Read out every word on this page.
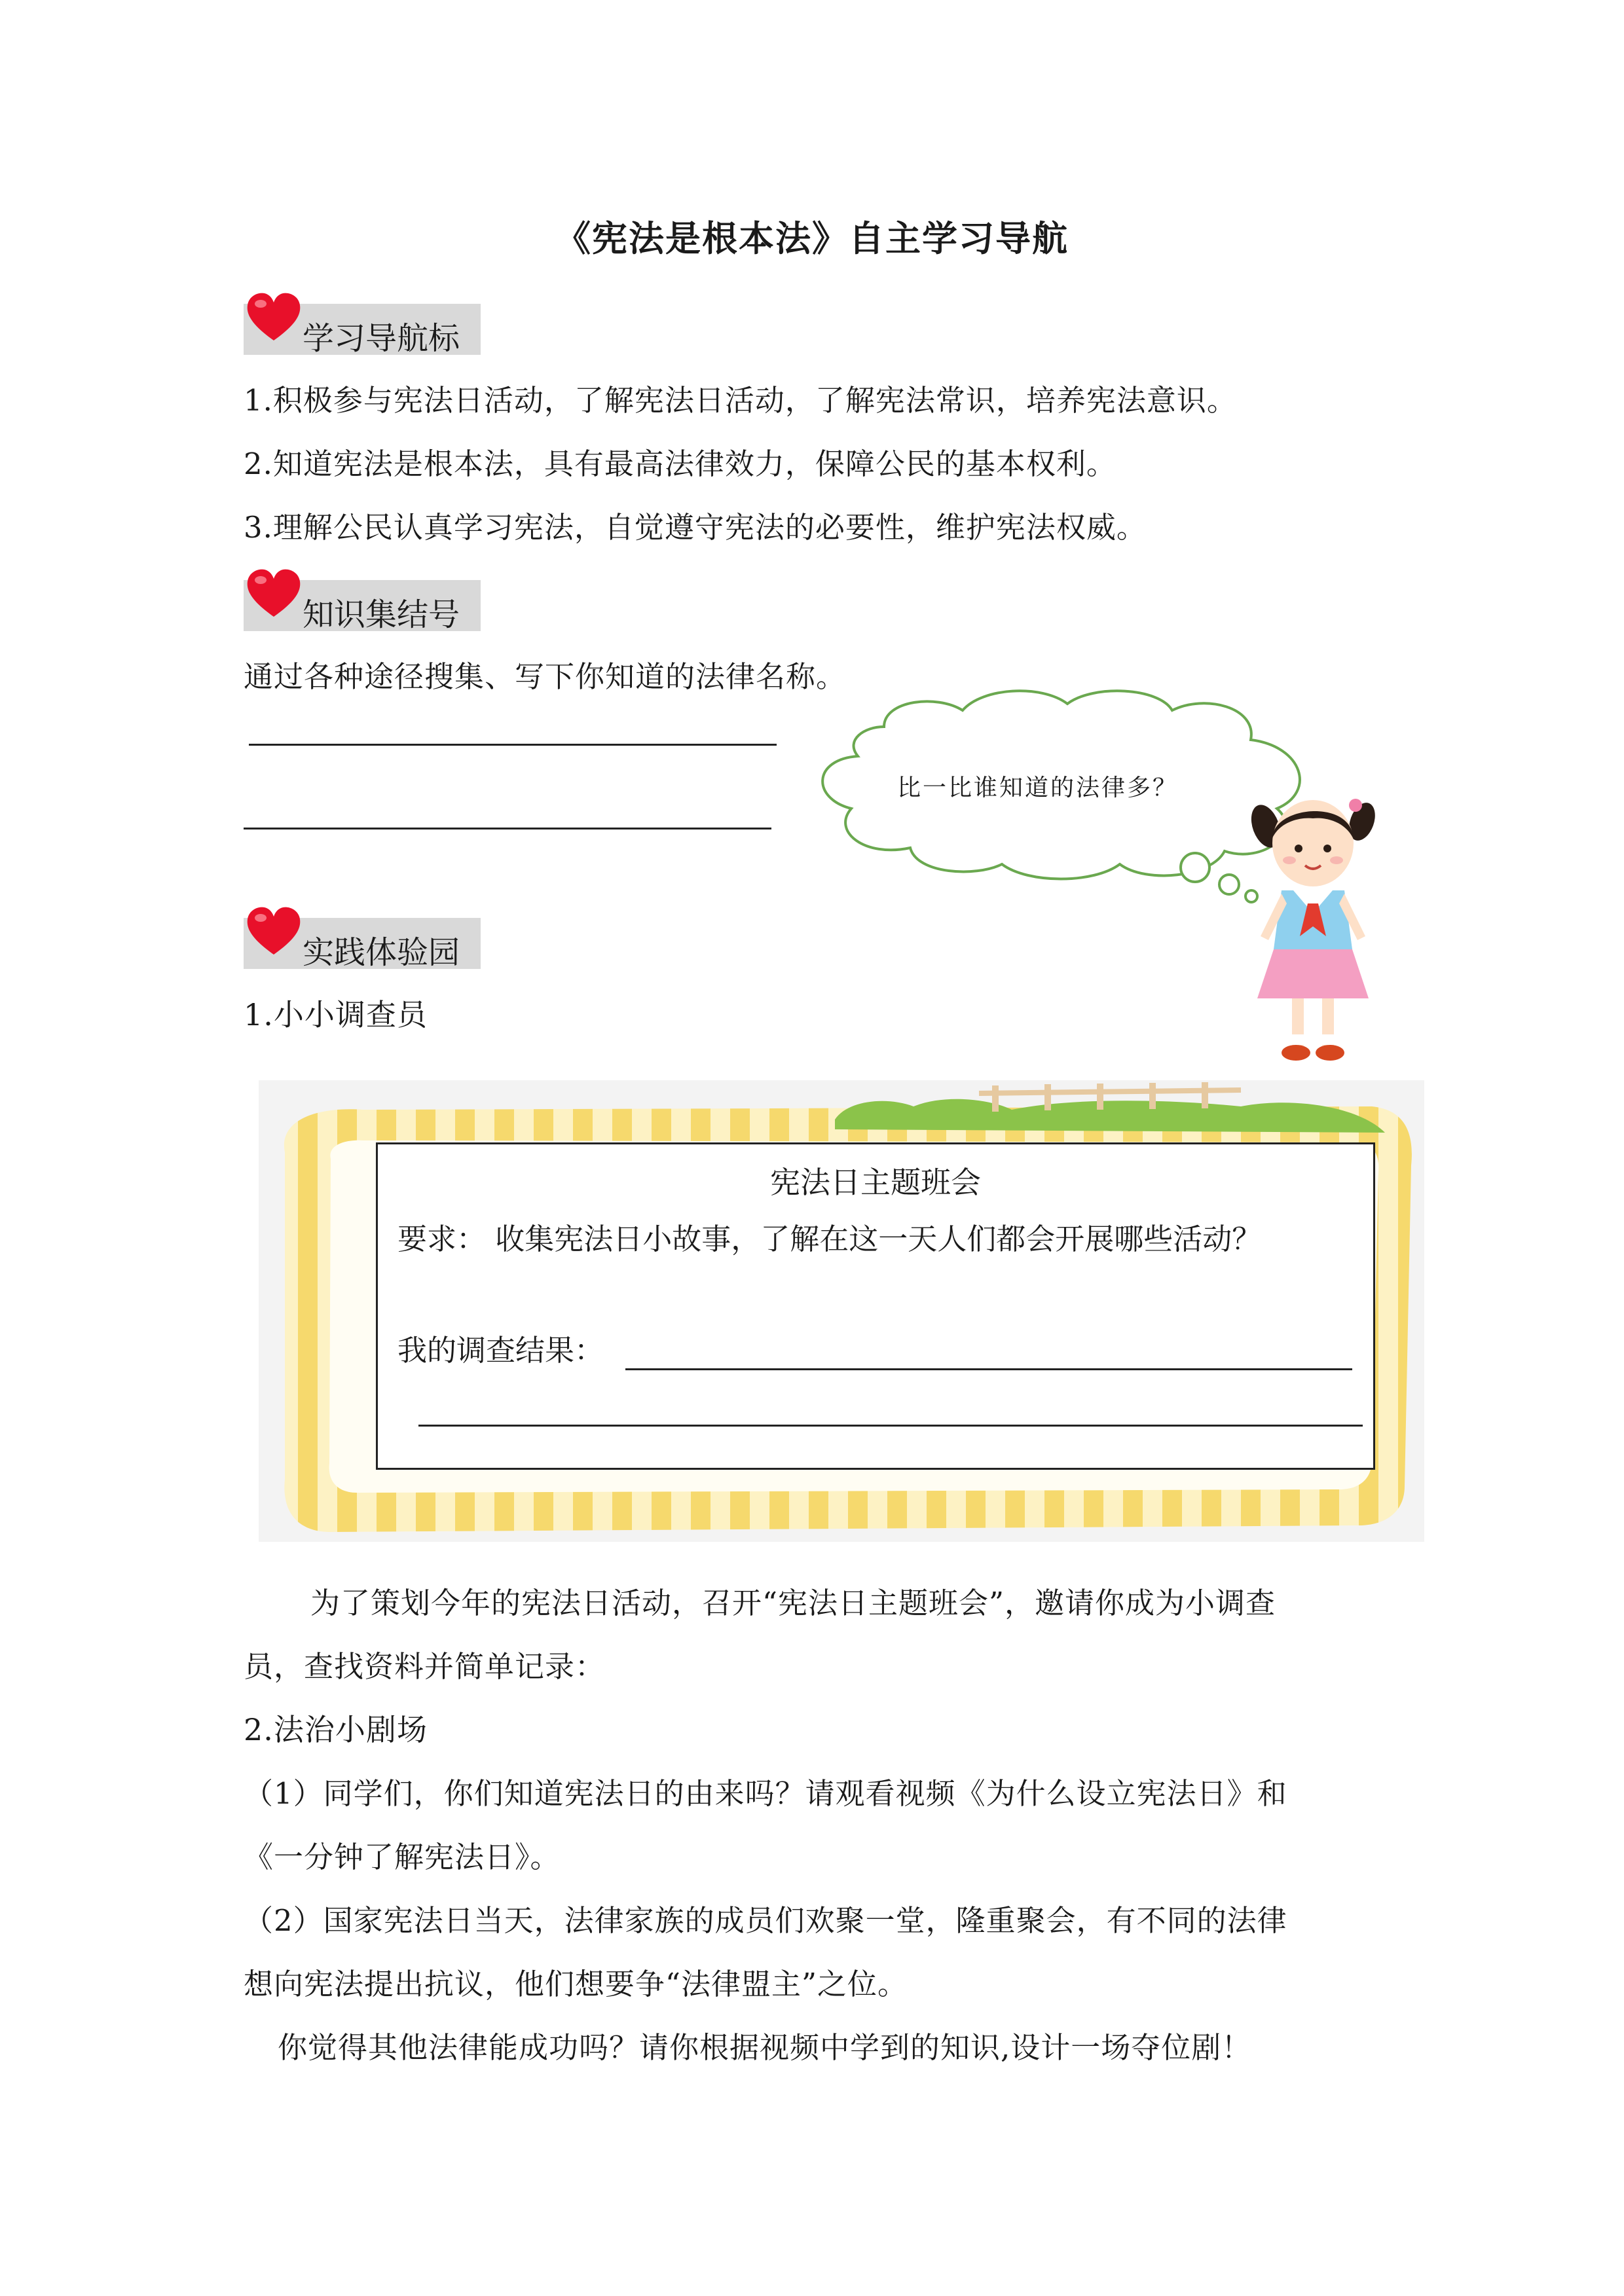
《宪法是根本法》自主学习导航
学习导航标
1.积极参与宪法日活动，了解宪法日活动，了解宪法常识，培养宪法意识。
2.知道宪法是根本法，具有最高法律效力，保障公民的基本权利。
3.理解公民认真学习宪法，自觉遵守宪法的必要性，维护宪法权威。
知识集结号
通过各种途径搜集、写下你知道的法律名称。
比一比谁知道的法律多？
实践体验园
1.小小调查员
宪法日主题班会
要求： 收集宪法日小故事，了解在这一天人们都会开展哪些活动？
我的调查结果：
为了策划今年的宪法日活动，召开“宪法日主题班会”，邀请你成为小调查
员，查找资料并简单记录：
2.法治小剧场
（1）同学们，你们知道宪法日的由来吗？请观看视频《为什么设立宪法日》和
《一分钟了解宪法日》。
（2）国家宪法日当天，法律家族的成员们欢聚一堂，隆重聚会，有不同的法律
想向宪法提出抗议，他们想要争“法律盟主”之位。
你觉得其他法律能成功吗？请你根据视频中学到的知识,设计一场夺位剧！
